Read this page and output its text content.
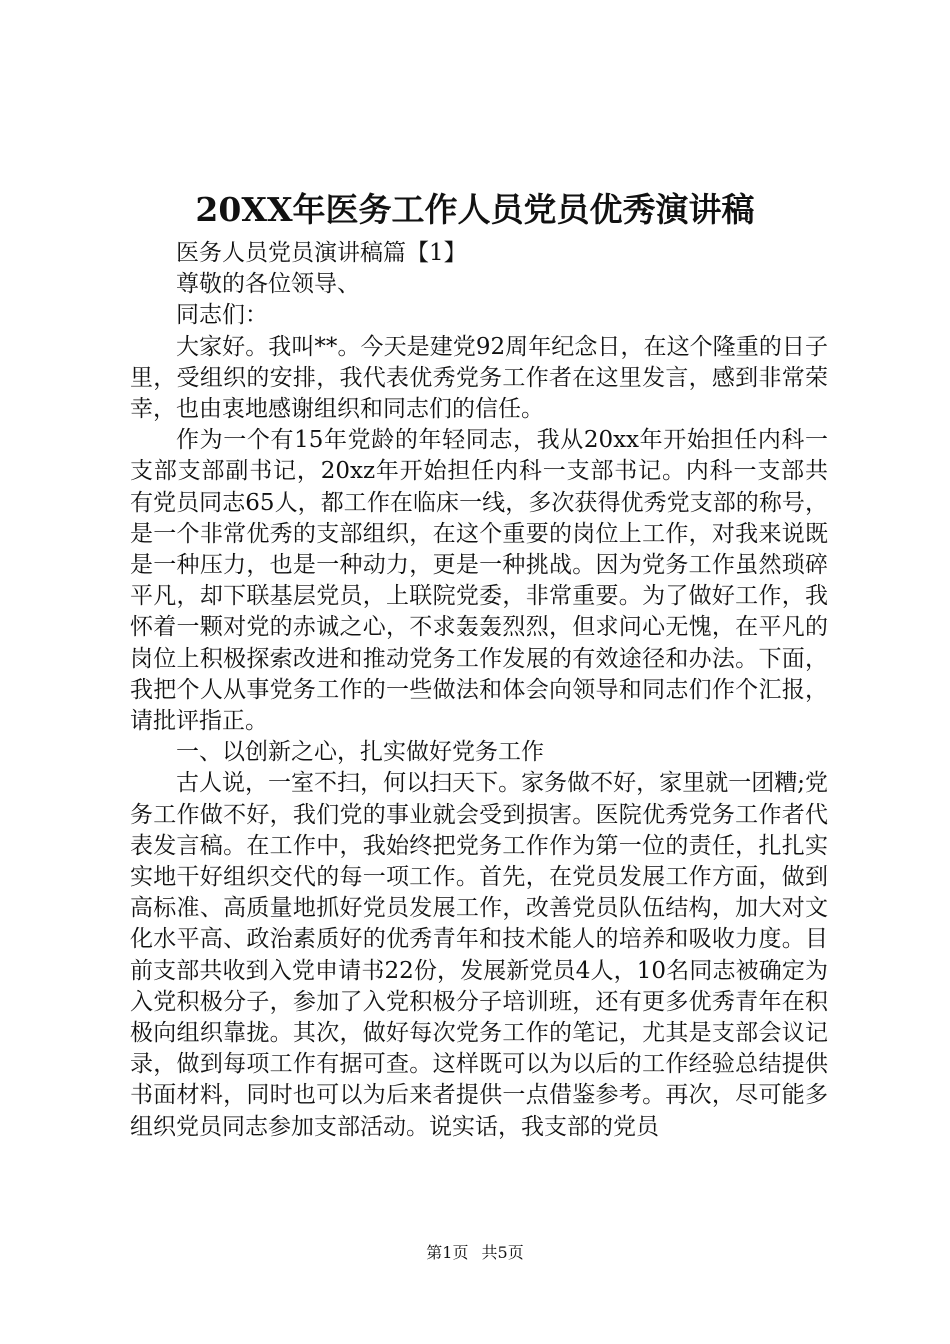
20XX年医务工作人员党员优秀演讲稿

医务人员党员演讲稿篇【1】

尊敬的各位领导、

同志们：

大家好。我叫**。今天是建党92周年纪念日，在这个隆重的日子里，受组织的安排，我代表优秀党务工作者在这里发言，感到非常荣幸，也由衷地感谢组织和同志们的信任。

作为一个有15年党龄的年轻同志，我从20xx年开始担任内科一支部支部副书记，20xz年开始担任内科一支部书记。内科一支部共有党员同志65人，都工作在临床一线，多次获得优秀党支部的称号，是一个非常优秀的支部组织，在这个重要的岗位上工作，对我来说既是一种压力，也是一种动力，更是一种挑战。因为党务工作虽然琐碎平凡，却下联基层党员，上联院党委，非常重要。为了做好工作，我怀着一颗对党的赤诚之心，不求轰轰烈烈，但求问心无愧，在平凡的岗位上积极探索改进和推动党务工作发展的有效途径和办法。下面，我把个人从事党务工作的一些做法和体会向领导和同志们作个汇报，请批评指正。

一、以创新之心，扎实做好党务工作

古人说，一室不扫，何以扫天下。家务做不好，家里就一团糟;党务工作做不好，我们党的事业就会受到损害。医院优秀党务工作者代表发言稿。在工作中，我始终把党务工作作为第一位的责任，扎扎实实地干好组织交代的每一项工作。首先，在党员发展工作方面，做到高标准、高质量地抓好党员发展工作，改善党员队伍结构，加大对文化水平高、政治素质好的优秀青年和技术能人的培养和吸收力度。目前支部共收到入党申请书22份，发展新党员4人，10名同志被确定为入党积极分子，参加了入党积极分子培训班，还有更多优秀青年在积极向组织靠拢。其次，做好每次党务工作的笔记，尤其是支部会议记录，做到每项工作有据可查。这样既可以为以后的工作经验总结提供书面材料，同时也可以为后来者提供一点借鉴参考。再次，尽可能多组织党员同志参加支部活动。说实话，我支部的党员

第1页 共5页
